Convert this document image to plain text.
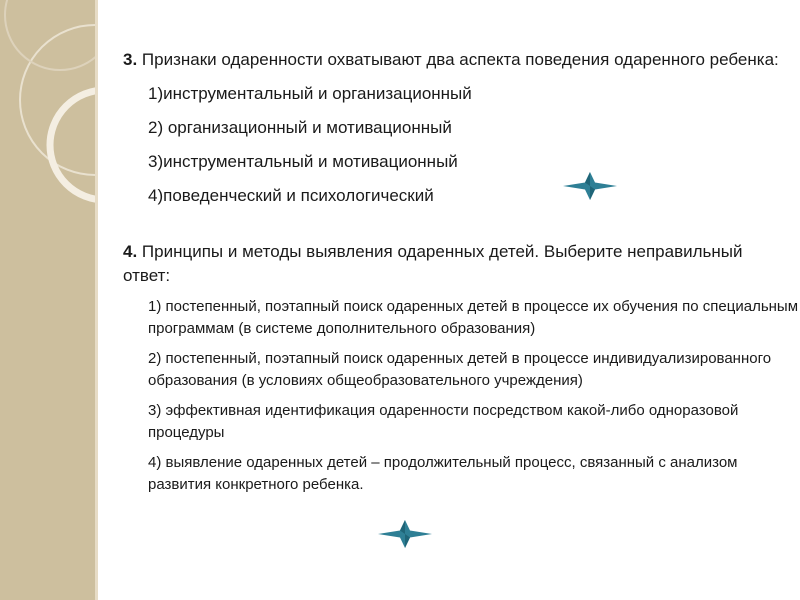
3. Признаки одаренности охватывают два аспекта поведения одаренного ребенка:

1)инструментальный и организационный
2) организационный и мотивационный
3)инструментальный и мотивационный
4)поведенческий и психологический

4. Принципы и методы выявления одаренных детей. Выберите неправильный ответ:

1) постепенный, поэтапный поиск одаренных детей в процессе их обучения по специальным программам (в системе дополнительного образования)
2) постепенный, поэтапный поиск одаренных детей в процессе индивидуализированного образования (в условиях общеобразовательного учреждения)
3) эффективная идентификация одаренности посредством какой-либо одноразовой процедуры
4) выявление одаренных детей – продолжительный процесс, связанный с анализом развития конкретного ребенка.
